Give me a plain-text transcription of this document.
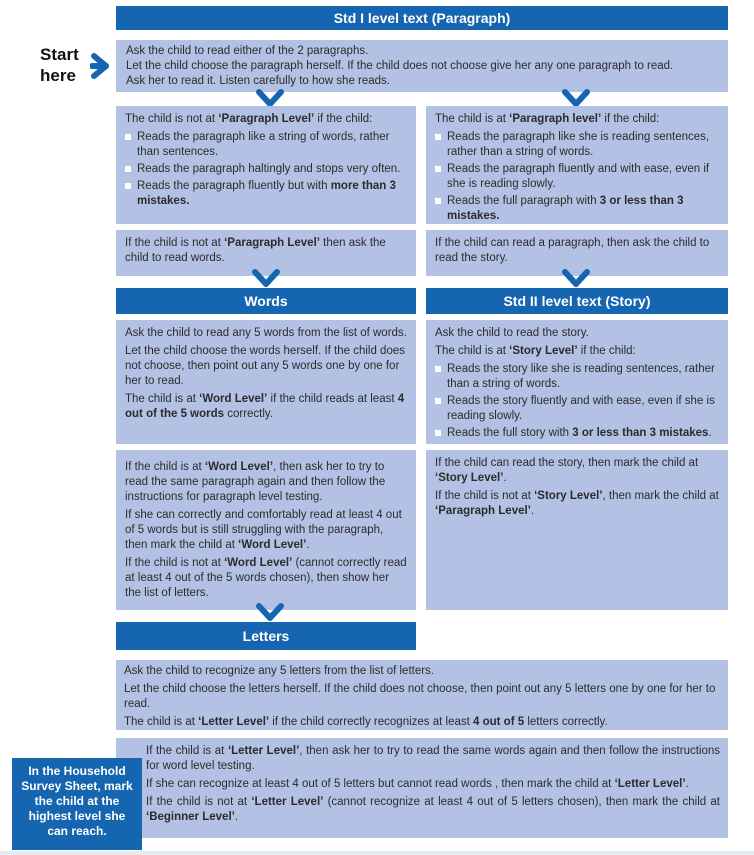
Start
here
Std I level text (Paragraph)
Ask the child to read either of the 2 paragraphs.
Let the child choose the paragraph herself. If the child does not choose give her any one paragraph to read.
Ask her to read it. Listen carefully to how she reads.

The child is not at ‘Paragraph Level’ if the child:

Reads the paragraph like a string of words, rather than sentences.
Reads the paragraph haltingly and stops very often.
Reads the paragraph fluently but with more than 3 mistakes.

The child is at ‘Paragraph level’ if the child:

Reads the paragraph like she is reading sentences, rather than a string of words.
Reads the paragraph fluently and with ease, even if she is reading slowly.
Reads the full paragraph with 3 or less than 3 mistakes.
If the child is not at ‘Paragraph Level’ then ask the child to read words.
If the child can read a paragraph, then ask the child to read the story.
Words	Std II level text (Story)

Ask the child to read any 5 words from the list of words.

Let the child choose the words herself. If the child does not choose, then point out any 5 words one by one for her to read.

The child is at ‘Word Level’ if the child reads at least 4 out of the 5 words correctly.

Ask the child to read the story.

The child is at ‘Story Level’ if the child:

Reads the story like she is reading sentences, rather than a string of words.
Reads the story fluently and with ease, even if she is reading slowly.
Reads the full story with 3 or less than 3 mistakes.

If the child is at ‘Word Level’, then ask her to try to read the same paragraph again and then follow the instructions for paragraph level testing.

If she can correctly and comfortably read at least 4 out of 5 words but is still struggling with the paragraph, then mark the child at ‘Word Level’.

If the child is not at ‘Word Level’ (cannot correctly read at least 4 out of the 5 words chosen), then show her the list of letters.

If the child can read the story, then mark the child at ‘Story Level’.

If the child is not at ‘Story Level’, then mark the child at ‘Paragraph Level’.

Letters

Ask the child to recognize any 5 letters from the list of letters.

Let the child choose the letters herself. If the child does not choose, then point out any 5 letters one by one for her to read.

The child is at ‘Letter Level’ if the child correctly recognizes at least 4 out of 5 letters correctly.

If the child is at ‘Letter Level’, then ask her to try to read the same words again and then follow the instructions for word level testing.

If she can recognize at least 4 out of 5 letters but cannot read words , then mark the child at ‘Letter Level’.

If the child is not at ‘Letter Level’ (cannot recognize at least 4 out of 5 letters chosen), then mark the child at ‘Beginner Level’.

In the Household Survey Sheet, mark the child at the highest level she can reach.
